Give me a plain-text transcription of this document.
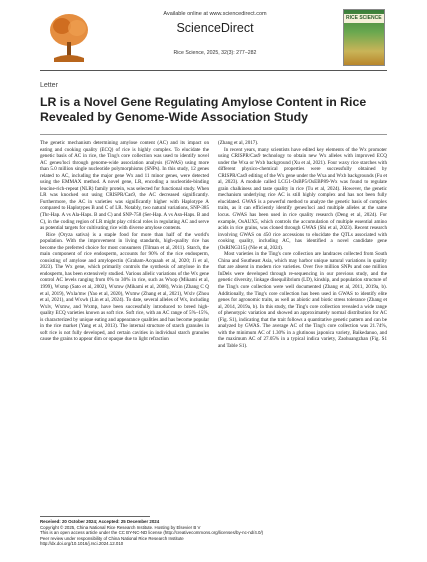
Available online at www.sciencedirect.com
ScienceDirect
Rice Science, 2025, 32(3): 277−282
RICE SCIENCE
Letter
LR is a Novel Gene Regulating Amylose Content in Rice Revealed by Genome-Wide Association Study

The genetic mechanism determining amylose content (AC) and its impact on eating and cooking quality (ECQ) of rice is highly complex. To elucidate the genetic basis of AC in rice, the Ting's core collection was used to identify novel AC genes/loci through genome-wide association analysis (GWAS) using more than 5.0 million single nucleotide polymorphisms (SNPs). In this study, 12 genes related to AC, including the major gene Wx and 11 minor genes, were detected using the EMMAX method. A novel gene, LR, encoding a nucleotide-binding leucine-rich-repeat (NLR) family protein, was selected for functional study. When LR was knocked out using CRISPR/Cas9, the AC decreased significantly. Furthermore, the AC in varieties was significantly higher with Haplotype A compared to Haplotypes B and C of LR. Notably, two natural variations, SNP-385 (Thr-Hap. A vs Ala-Haps. B and C) and SNP-758 (Ser-Hap. A vs Asn-Haps. B and C), in the coding region of LR might play critical roles in regulating AC and serve as potential targets for cultivating rice with diverse amylose contents.

Rice (Oryza sativa) is a staple food for more than half of the world's population. With the improvement in living standards, high-quality rice has become the preferred choice for most consumers (Tilman et al, 2011). Starch, the main component of rice endosperm, accounts for 90% of the rice endosperm, consisting of amylose and amylopectin (Graham-Acquaah et al, 2020; Ji et al, 2023). The Wx gene, which primarily controls the synthesis of amylose in the endosperm, has been extensively studied. Various allelic variations of the Wx gene control AC levels ranging from 0% to 30% in rice, such as Wxop (Mikami et al, 1999), Wxmp (Sato et al, 2002), Wxmw (Mikami et al, 2008), Wxin (Zhang C Q et al, 2019), Wxla/mw (Yao et al, 2020), Wxmw (Zhang et al, 2021), Wxlv (Zhou et al, 2021), and Wxwh (Lin et al, 2024). To date, several alleles of Wx, including Wxlv, Wxmw, and Wxmp, have been successfully introduced to breed high-quality ECQ varieties known as soft rice. Soft rice, with an AC range of 5%–15%, is characterized by unique eating and appearance qualities and has become popular in the rice market (Yang et al, 2013). The internal structure of starch granules in soft rice is not fully developed, and certain cavities in individual starch granules cause the grains to appear dim or opaque due to light refraction

(Zhang et al, 2017).

In recent years, many scientists have edited key elements of the Wx promoter using CRISPR/Cas9 technology to obtain new Wx alleles with improved ECQ under the Wxa or Wxb background (Xu et al, 2021). Four waxy rice starches with different physico-chemical properties were successfully obtained by CRISPR/Cas9 editing of the Wx gene under the Wxa and Wxb backgrounds (Fu et al, 2023). A module called LCG1-OsBP5/OsEBP89-Wx was found to regulate grain chalkiness and taste quality in rice (Tu et al, 2024). However, the genetic mechanism underlying rice AC is still highly complex and has not been fully elucidated. GWAS is a powerful method to analyze the genetic basis of complex traits, as it can efficiently identify genes/loci and multiple alleles at the same locus. GWAS has been used in rice quality research (Deng et al, 2024). For example, OsAUX5, which controls the accumulation of multiple essential amino acids in rice grains, was cloned through GWAS (Shi et al, 2023). Recent research involving GWAS on 450 rice accessions to elucidate the QTLs associated with cooking quality, including AC, has identified a novel candidate gene (OsRING315) (Nie et al, 2024).

Most varieties in the Ting's core collection are landraces collected from South China and Southeast Asia, which may harbor unique natural variations in quality that are absent in modern rice varieties. Over five million SNPs and one million InDels were developed through re-sequencing in our previous study, and the genetic diversity, linkage disequilibrium (LD), kinship, and population structure of the Ting's core collection were well documented (Zhang et al, 2011, 2019a, b). Additionally, the Ting's core collection has been used in GWAS to identify elite genes for agronomic traits, as well as abiotic and biotic stress tolerance (Zhang et al, 2014, 2019a, b). In this study, the Ting's core collection revealed a wide range of phenotypic variation and showed an approximately normal distribution for AC (Fig. S1), indicating that the trait follows a quantitative genetic pattern and can be analyzed by GWAS. The average AC of the Ting's core collection was 21.74%, with the minimum AC of 1.30% in a glutinous japonica variety, Baikedanuo, and the maximum AC of 27.05% in a typical indica variety, Zaohuangzhan (Fig. S1 and Table S1).

Received: 20 October 2024; Accepted: 25 December 2024
Copyright © 2025, China National Rice Research Institute. Hosting by Elsevier B V
This is an open access article under the CC BY-NC-ND license (http://creativecommons.org/licenses/by-nc-nd/4.0/)
Peer review under responsibility of China National Rice Research Institute
http://dx.doi.org/10.1016/j.rsci.2024.12.010
